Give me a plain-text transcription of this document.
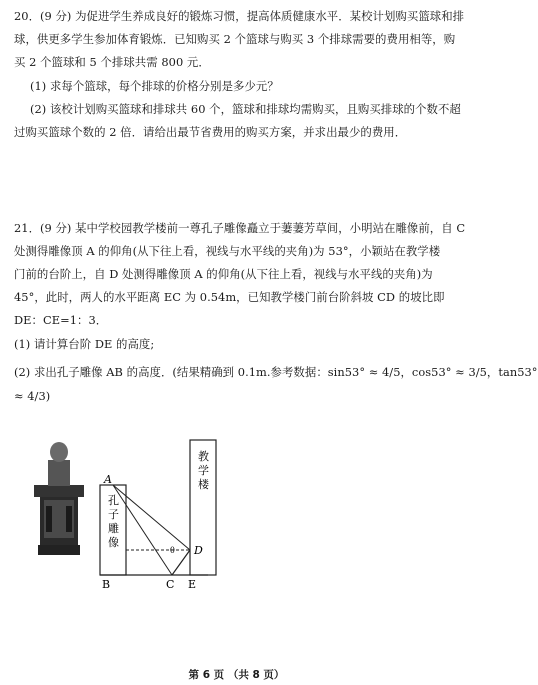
20．(9 分) 为促进学生养成良好的锻炼习惯，提高体质健康水平．某校计划购买篮球和排
球，供更多学生参加体育锻炼．已知购买 2 个篮球与购买 3 个排球需要的费用相等，购
买 2 个篮球和 5 个排球共需 800 元．
(1) 求每个篮球，每个排球的价格分别是多少元？
(2) 该校计划购买篮球和排球共 60 个，篮球和排球均需购买，且购买排球的个数不超
过购买篮球个数的 2 倍．请给出最节省费用的购买方案，并求出最少的费用．
21．(9 分) 某中学校园教学楼前一尊孔子雕像矗立于萋萋芳草间，小明站在雕像前，自 C
处测得雕像顶 A 的仰角(从下往上看，视线与水平线的夹角)为 53°，小颖站在教学楼
门前的台阶上，自 D 处测得雕像顶 A 的仰角(从下往上看，视线与水平线的夹角)为
45°，此时，两人的水平距离 EC 为 0.54m，已知教学楼门前台阶斜坡 CD 的坡比即
DE：CE=1：3．
(1) 请计算台阶 DE 的高度;
(2) 求出孔子雕像 AB 的高度．(结果精确到 0.1m.参考数据：sin53° ≈ 4/5，cos53° ≈ 3/5，tan53°
≈ 4/3)
A
B	C
D
E
θ
孔 子 雕 像
教 学 楼
第 6 页 （共 8 页）
